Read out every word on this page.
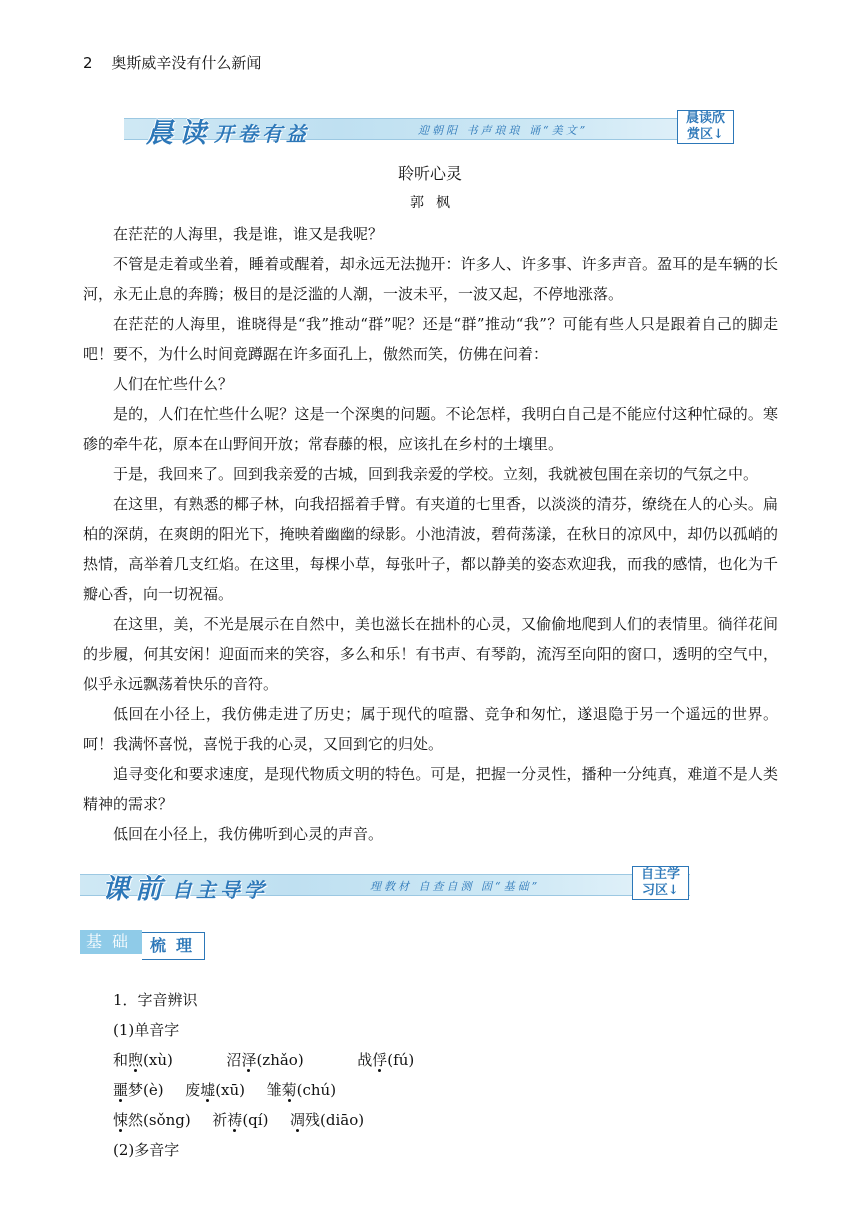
2 奥斯威辛没有什么新闻
晨读 开卷有益	迎朝阳 书声琅琅 诵“美文”
晨读欣
赏区↓
聆听心灵
郭枫

在茫茫的人海里，我是谁，谁又是我呢？

不管是走着或坐着，睡着或醒着，却永远无法抛开：许多人、许多事、许多声音。盈耳的是车辆的长河，永无止息的奔腾；极目的是泛滥的人潮，一波未平，一波又起，不停地涨落。

在茫茫的人海里，谁晓得是“我”推动“群”呢？还是“群”推动“我”？可能有些人只是跟着自己的脚走吧！要不，为什么时间竟蹲踞在许多面孔上，傲然而笑，仿佛在问着：

人们在忙些什么？

是的，人们在忙些什么呢？这是一个深奥的问题。不论怎样，我明白自己是不能应付这种忙碌的。寒碜的牵牛花，原本在山野间开放；常春藤的根，应该扎在乡村的土壤里。

于是，我回来了。回到我亲爱的古城，回到我亲爱的学校。立刻，我就被包围在亲切的气氛之中。

在这里，有熟悉的椰子林，向我招摇着手臂。有夹道的七里香，以淡淡的清芬，缭绕在人的心头。扁柏的深荫，在爽朗的阳光下，掩映着幽幽的绿影。小池清波，碧荷荡漾，在秋日的凉风中，却仍以孤峭的热情，高举着几支红焰。在这里，每棵小草，每张叶子，都以静美的姿态欢迎我，而我的感情，也化为千瓣心香，向一切祝福。

在这里，美，不光是展示在自然中，美也滋长在拙朴的心灵，又偷偷地爬到人们的表情里。徜徉花间的步履，何其安闲！迎面而来的笑容，多么和乐！有书声、有琴韵，流泻至向阳的窗口，透明的空气中，似乎永远飘荡着快乐的音符。

低回在小径上，我仿佛走进了历史；属于现代的喧嚣、竞争和匆忙，遂退隐于另一个遥远的世界。呵！我满怀喜悦，喜悦于我的心灵，又回到它的归处。

追寻变化和要求速度，是现代物质文明的特色。可是，把握一分灵性，播种一分纯真，难道不是人类精神的需求？

低回在小径上，我仿佛听到心灵的声音。

课前 自主导学	理教材 自查自测 固“基础”
自主学
习区↓
基础 梳理
1．字音辨识
(1)单音字
和煦(xù)	沼泽(zhǎo)	战俘(fú)
噩梦(è) 废墟(xū) 雏菊(chú)
悚然(sǒng) 祈祷(qí) 凋残(diāo)
(2)多音字
